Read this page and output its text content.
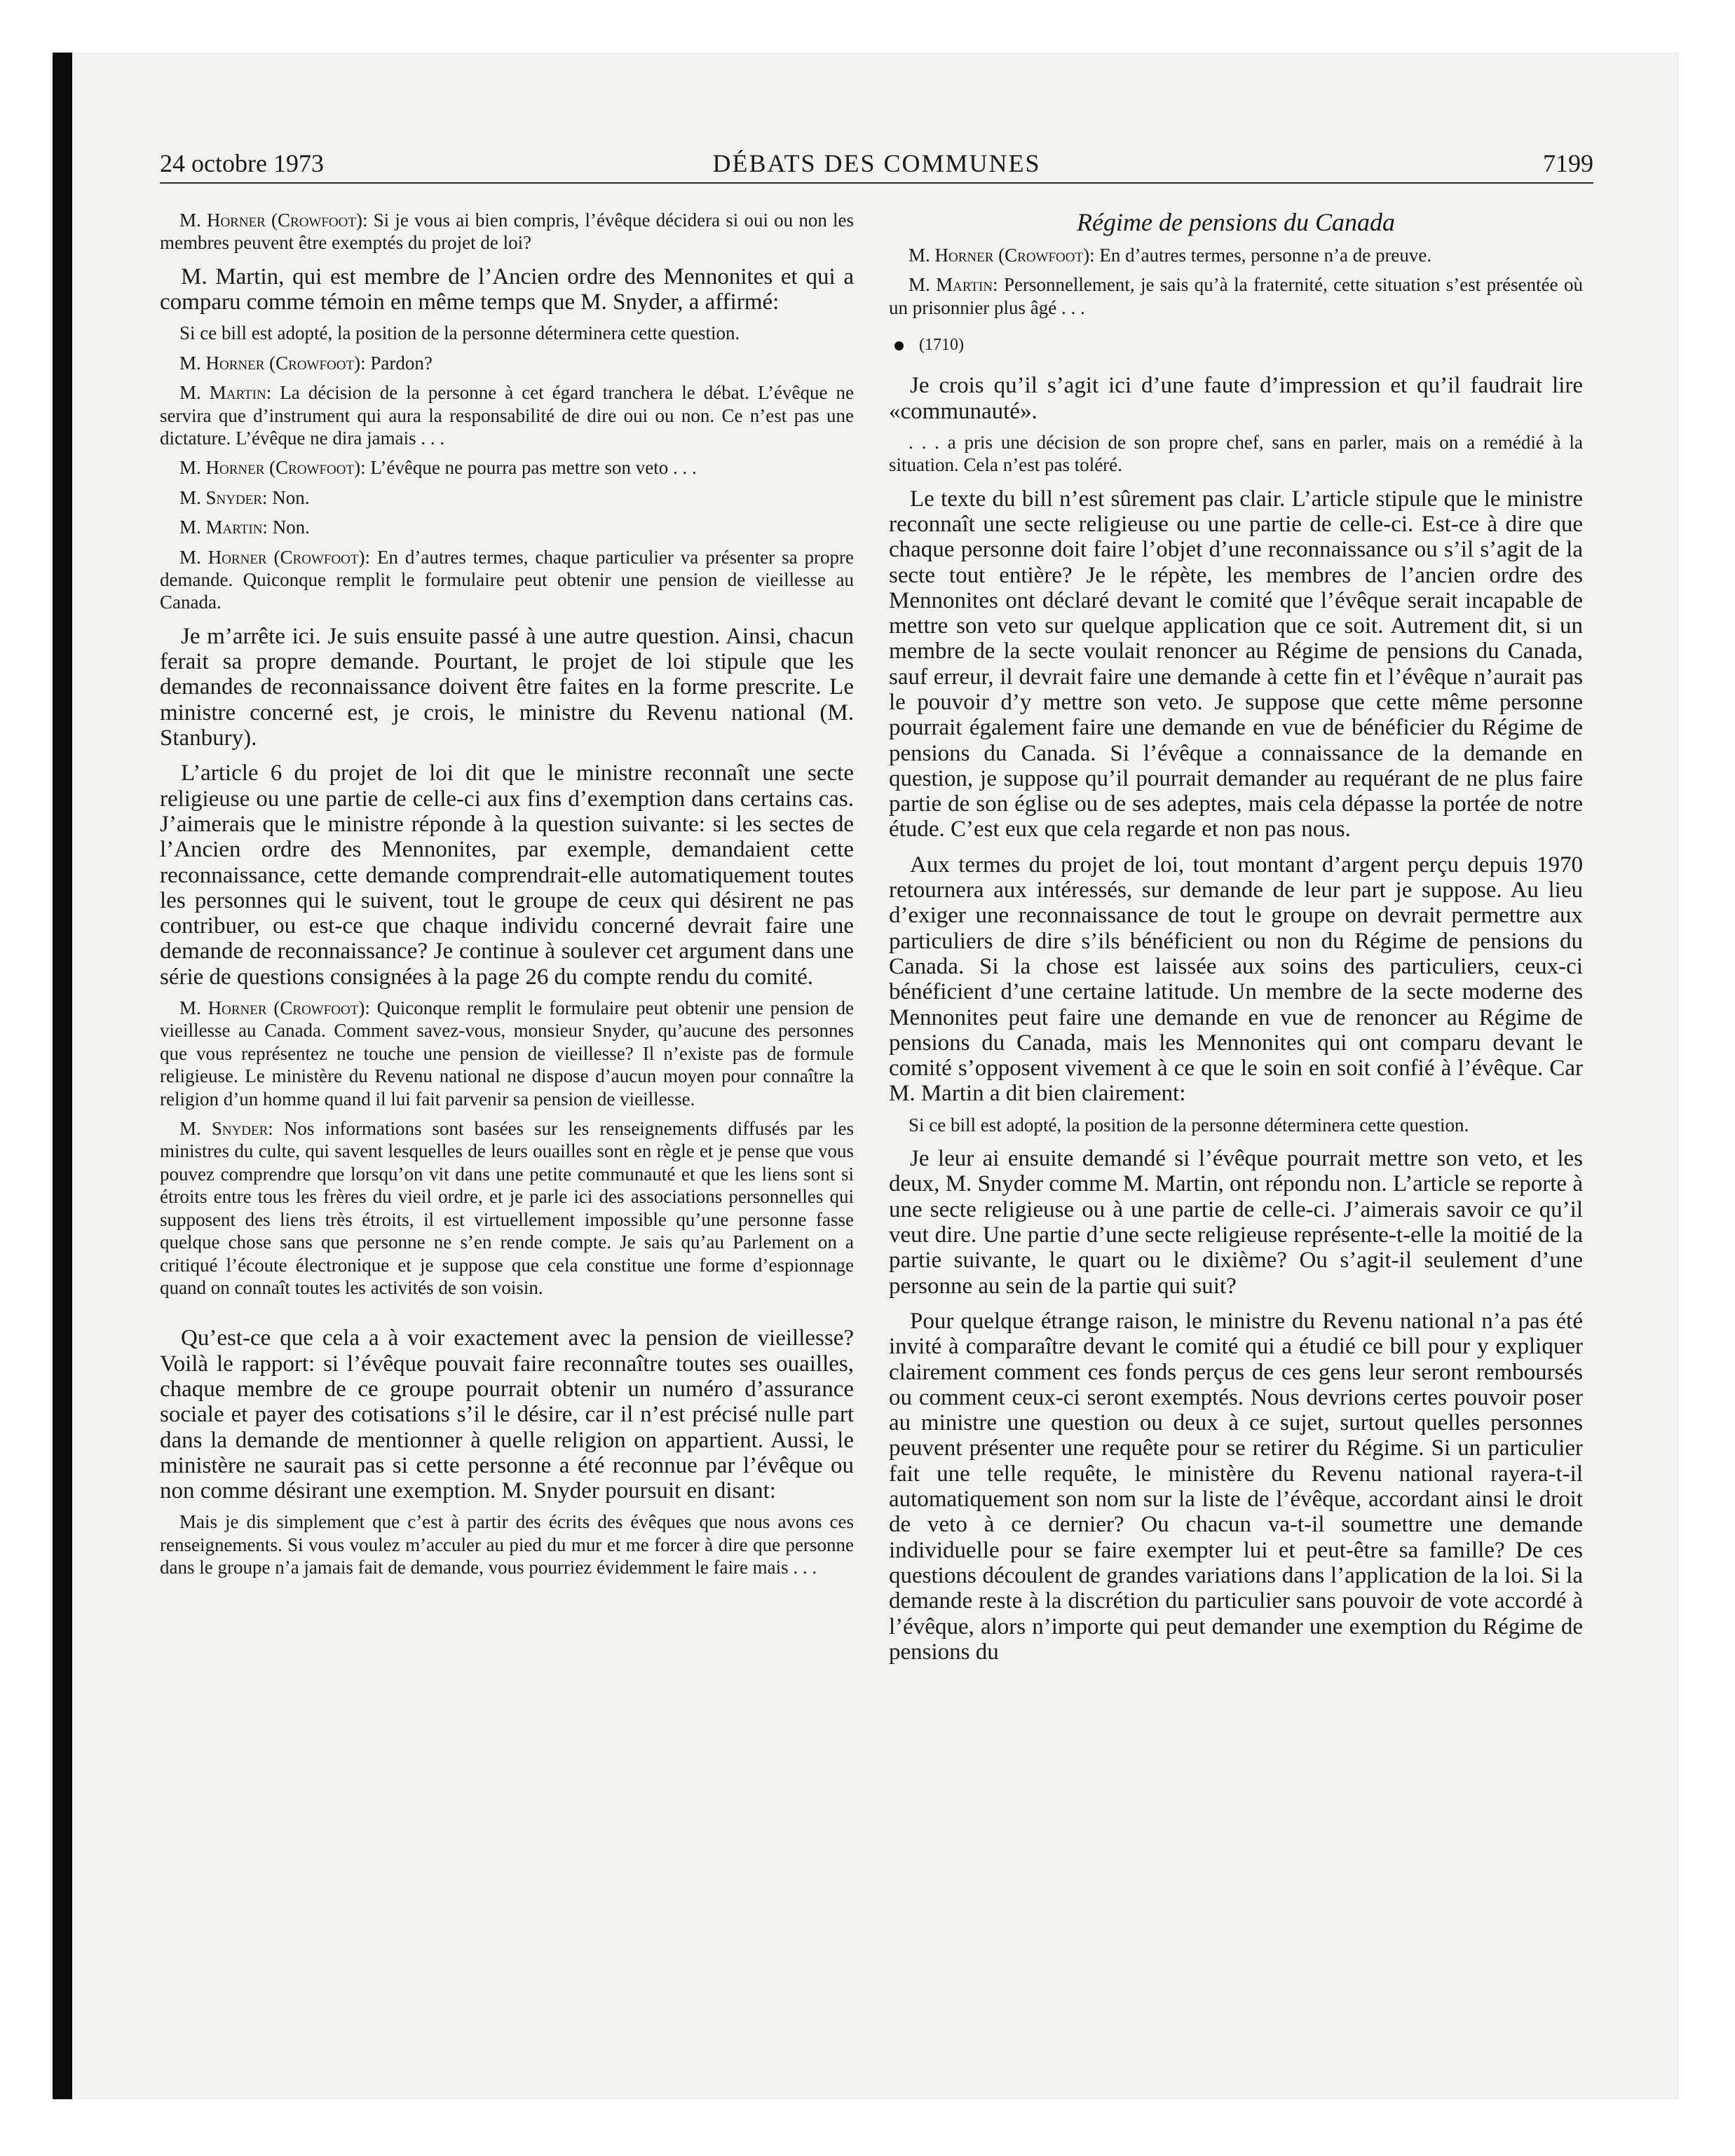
24 octobre 1973	DÉBATS DES COMMUNES	7199

M. Horner (Crowfoot): Si je vous ai bien compris, l’évêque décidera si oui ou non les membres peuvent être exemptés du projet de loi?

M. Martin, qui est membre de l’Ancien ordre des Mennonites et qui a comparu comme témoin en même temps que M. Snyder, a affirmé:

Si ce bill est adopté, la position de la personne déterminera cette question.

M. Horner (Crowfoot): Pardon?

M. Martin: La décision de la personne à cet égard tranchera le débat. L’évêque ne servira que d’instrument qui aura la responsabilité de dire oui ou non. Ce n’est pas une dictature. L’évêque ne dira jamais . . .

M. Horner (Crowfoot): L’évêque ne pourra pas mettre son veto . . .

M. Snyder: Non.

M. Martin: Non.

M. Horner (Crowfoot): En d’autres termes, chaque particulier va présenter sa propre demande. Quiconque remplit le formulaire peut obtenir une pension de vieillesse au Canada.

Je m’arrête ici. Je suis ensuite passé à une autre question. Ainsi, chacun ferait sa propre demande. Pourtant, le projet de loi stipule que les demandes de reconnaissance doivent être faites en la forme prescrite. Le ministre concerné est, je crois, le ministre du Revenu national (M. Stanbury).

L’article 6 du projet de loi dit que le ministre reconnaît une secte religieuse ou une partie de celle-ci aux fins d’exemption dans certains cas. J’aimerais que le ministre réponde à la question suivante: si les sectes de l’Ancien ordre des Mennonites, par exemple, demandaient cette reconnaissance, cette demande comprendrait-elle automatiquement toutes les personnes qui le suivent, tout le groupe de ceux qui désirent ne pas contribuer, ou est-ce que chaque individu concerné devrait faire une demande de reconnaissance? Je continue à soulever cet argument dans une série de questions consignées à la page 26 du compte rendu du comité.

M. Horner (Crowfoot): Quiconque remplit le formulaire peut obtenir une pension de vieillesse au Canada. Comment savez-vous, monsieur Snyder, qu’aucune des personnes que vous représentez ne touche une pension de vieillesse? Il n’existe pas de formule religieuse. Le ministère du Revenu national ne dispose d’aucun moyen pour connaître la religion d’un homme quand il lui fait parvenir sa pension de vieillesse.

M. Snyder: Nos informations sont basées sur les renseignements diffusés par les ministres du culte, qui savent lesquelles de leurs ouailles sont en règle et je pense que vous pouvez comprendre que lorsqu’on vit dans une petite communauté et que les liens sont si étroits entre tous les frères du vieil ordre, et je parle ici des associations personnelles qui supposent des liens très étroits, il est virtuellement impossible qu’une personne fasse quelque chose sans que personne ne s’en rende compte. Je sais qu’au Parlement on a critiqué l’écoute électronique et je suppose que cela constitue une forme d’espionnage quand on connaît toutes les activités de son voisin.

Qu’est-ce que cela a à voir exactement avec la pension de vieillesse? Voilà le rapport: si l’évêque pouvait faire reconnaître toutes ses ouailles, chaque membre de ce groupe pourrait obtenir un numéro d’assurance sociale et payer des cotisations s’il le désire, car il n’est précisé nulle part dans la demande de mentionner à quelle religion on appartient. Aussi, le ministère ne saurait pas si cette personne a été reconnue par l’évêque ou non comme désirant une exemption. M. Snyder poursuit en disant:

Mais je dis simplement que c’est à partir des écrits des évêques que nous avons ces renseignements. Si vous voulez m’acculer au pied du mur et me forcer à dire que personne dans le groupe n’a jamais fait de demande, vous pourriez évidemment le faire mais . . .

Régime de pensions du Canada

M. Horner (Crowfoot): En d’autres termes, personne n’a de preuve.

M. Martin: Personnellement, je sais qu’à la fraternité, cette situation s’est présentée où un prisonnier plus âgé . . .

(1710)

Je crois qu’il s’agit ici d’une faute d’impression et qu’il faudrait lire «communauté».

. . . a pris une décision de son propre chef, sans en parler, mais on a remédié à la situation. Cela n’est pas toléré.

Le texte du bill n’est sûrement pas clair. L’article stipule que le ministre reconnaît une secte religieuse ou une partie de celle-ci. Est-ce à dire que chaque personne doit faire l’objet d’une reconnaissance ou s’il s’agit de la secte tout entière? Je le répète, les membres de l’ancien ordre des Mennonites ont déclaré devant le comité que l’évêque serait incapable de mettre son veto sur quelque application que ce soit. Autrement dit, si un membre de la secte voulait renoncer au Régime de pensions du Canada, sauf erreur, il devrait faire une demande à cette fin et l’évêque n’aurait pas le pouvoir d’y mettre son veto. Je suppose que cette même personne pourrait également faire une demande en vue de bénéficier du Régime de pensions du Canada. Si l’évêque a connaissance de la demande en question, je suppose qu’il pourrait demander au requérant de ne plus faire partie de son église ou de ses adeptes, mais cela dépasse la portée de notre étude. C’est eux que cela regarde et non pas nous.

Aux termes du projet de loi, tout montant d’argent perçu depuis 1970 retournera aux intéressés, sur demande de leur part je suppose. Au lieu d’exiger une reconnaissance de tout le groupe on devrait permettre aux particuliers de dire s’ils bénéficient ou non du Régime de pensions du Canada. Si la chose est laissée aux soins des particuliers, ceux-ci bénéficient d’une certaine latitude. Un membre de la secte moderne des Mennonites peut faire une demande en vue de renoncer au Régime de pensions du Canada, mais les Mennonites qui ont comparu devant le comité s’opposent vivement à ce que le soin en soit confié à l’évêque. Car M. Martin a dit bien clairement:

Si ce bill est adopté, la position de la personne déterminera cette question.

Je leur ai ensuite demandé si l’évêque pourrait mettre son veto, et les deux, M. Snyder comme M. Martin, ont répondu non. L’article se reporte à une secte religieuse ou à une partie de celle-ci. J’aimerais savoir ce qu’il veut dire. Une partie d’une secte religieuse représente-t-elle la moitié de la partie suivante, le quart ou le dixième? Ou s’agit-il seulement d’une personne au sein de la partie qui suit?

Pour quelque étrange raison, le ministre du Revenu national n’a pas été invité à comparaître devant le comité qui a étudié ce bill pour y expliquer clairement comment ces fonds perçus de ces gens leur seront remboursés ou comment ceux-ci seront exemptés. Nous devrions certes pouvoir poser au ministre une question ou deux à ce sujet, surtout quelles personnes peuvent présenter une requête pour se retirer du Régime. Si un particulier fait une telle requête, le ministère du Revenu national rayera-t-il automatiquement son nom sur la liste de l’évêque, accordant ainsi le droit de veto à ce dernier? Ou chacun va-t-il soumettre une demande individuelle pour se faire exempter lui et peut-être sa famille? De ces questions découlent de grandes variations dans l’application de la loi. Si la demande reste à la discrétion du particulier sans pouvoir de vote accordé à l’évêque, alors n’importe qui peut demander une exemption du Régime de pensions du
